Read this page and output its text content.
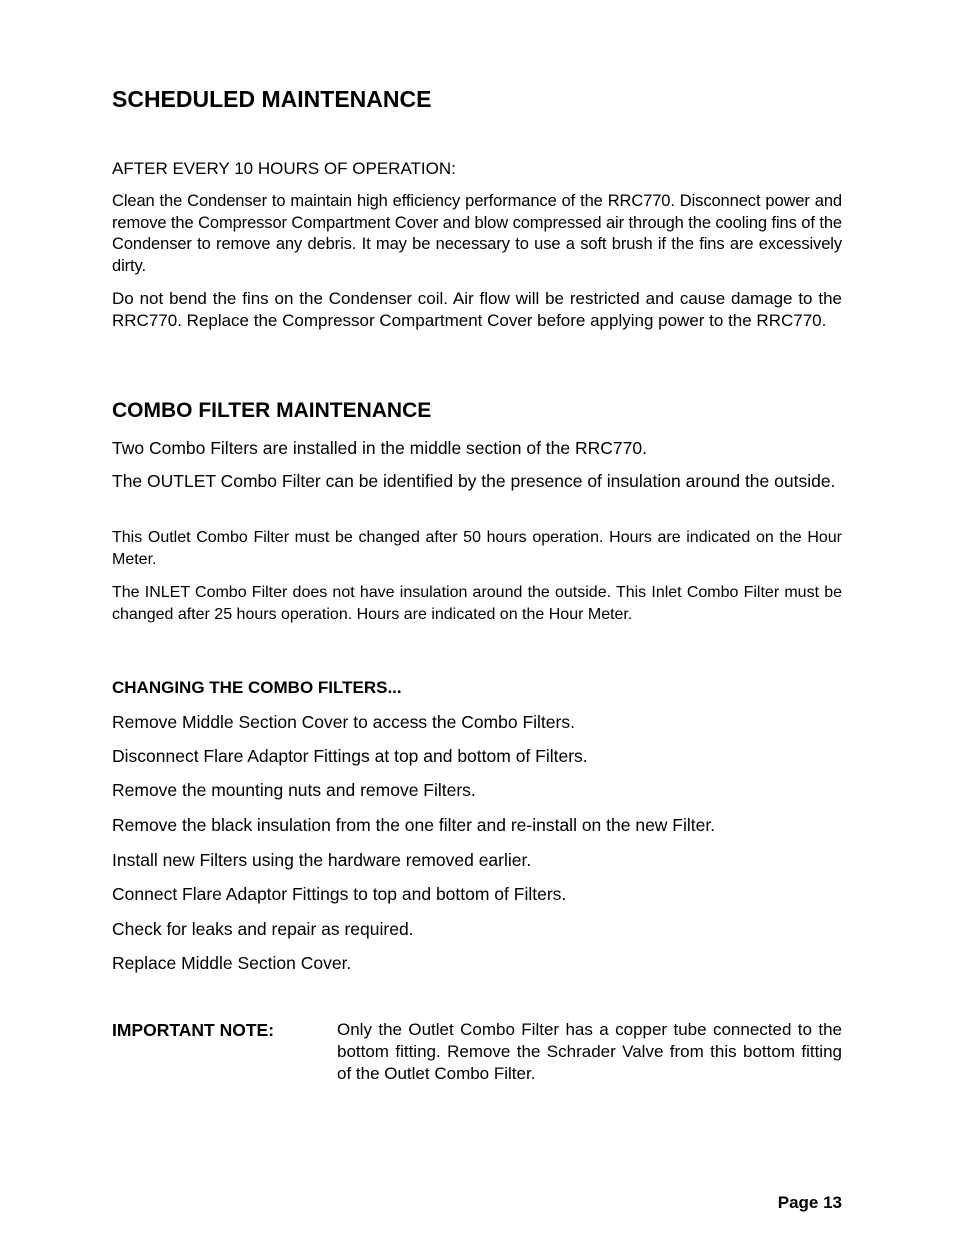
SCHEDULED MAINTENANCE

AFTER EVERY 10 HOURS OF OPERATION:

Clean the Condenser to maintain high efficiency performance of the RRC770. Disconnect power and remove the Compressor Compartment Cover and blow compressed air through the cooling fins of the Condenser to remove any debris. It may be necessary to use a soft brush if the fins are excessively dirty.

Do not bend the fins on the Condenser coil. Air flow will be restricted and cause damage to the RRC770. Replace the Compressor Compartment Cover before applying power to the RRC770.

COMBO FILTER MAINTENANCE

Two Combo Filters are installed in the middle section of the RRC770.

The OUTLET Combo Filter can be identified by the presence of insulation around the outside.

This Outlet Combo Filter must be changed after 50 hours operation. Hours are indicated on the Hour Meter.

The INLET Combo Filter does not have insulation around the outside. This Inlet Combo Filter must be changed after 25 hours operation. Hours are indicated on the Hour Meter.

CHANGING THE COMBO FILTERS...

Remove Middle Section Cover to access the Combo Filters.

Disconnect Flare Adaptor Fittings at top and bottom of Filters.

Remove the mounting nuts and remove Filters.

Remove the black insulation from the one filter and re-install on the new Filter.

Install new Filters using the hardware removed earlier.

Connect Flare Adaptor Fittings to top and bottom of Filters.

Check for leaks and repair as required.

Replace Middle Section Cover.

IMPORTANT NOTE:	Only the Outlet Combo Filter has a copper tube connected to the bottom fitting. Remove the Schrader Valve from this bottom fitting of the Outlet Combo Filter.

Page 13
